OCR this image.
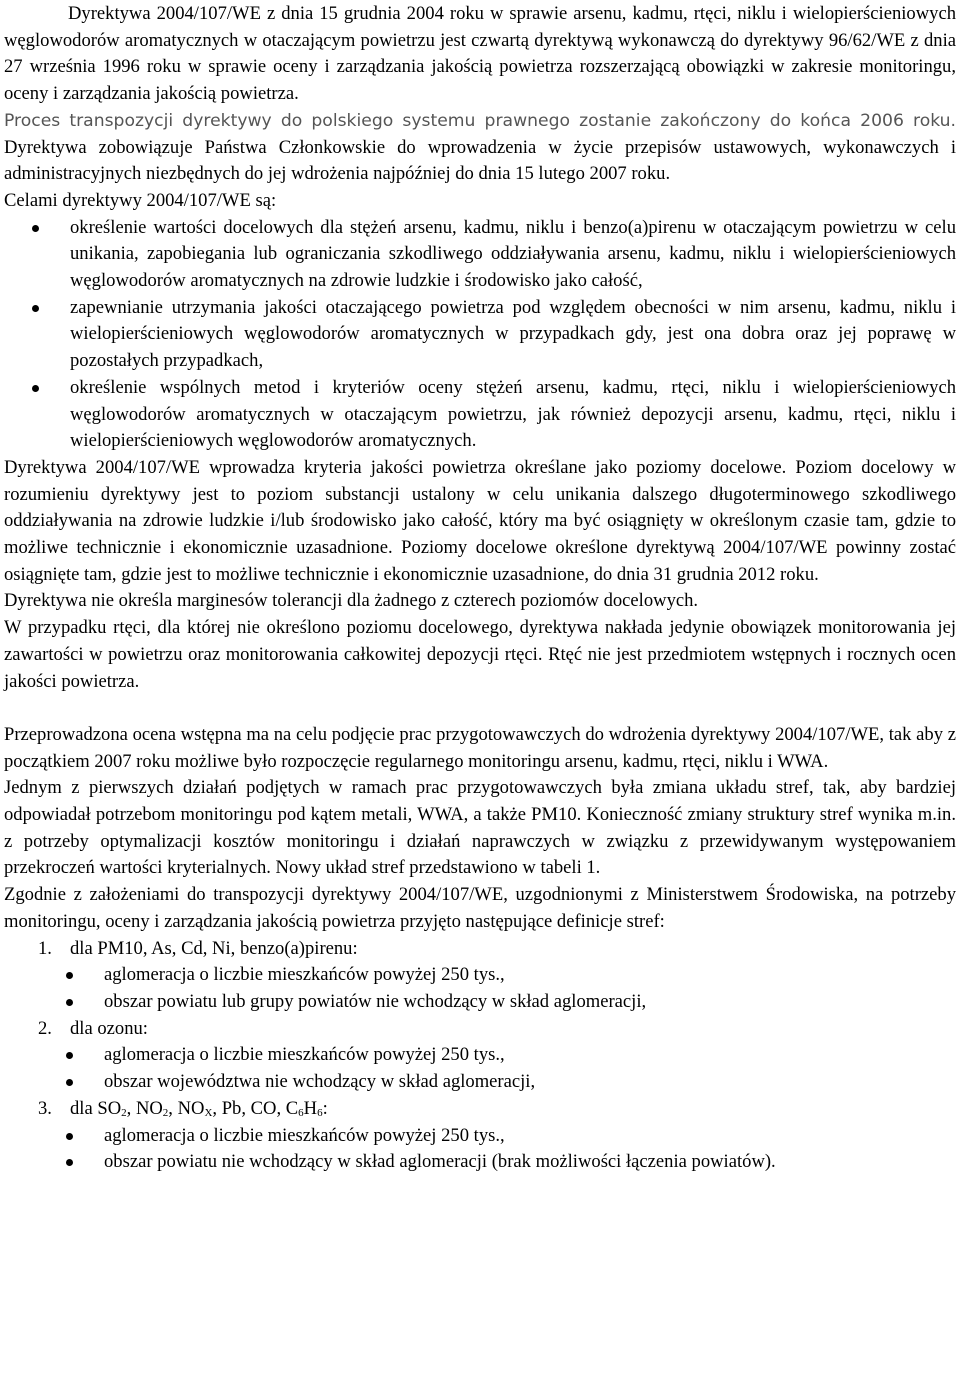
Dyrektywa 2004/107/WE z dnia 15 grudnia 2004 roku w sprawie arsenu, kadmu, rtęci, niklu i wielopierścieniowych węglowodorów aromatycznych w otaczającym powietrzu jest czwartą dyrektywą wykonawczą do dyrektywy 96/62/WE z dnia 27 września 1996 roku w sprawie oceny i zarządzania jakością powietrza rozszerzającą obowiązki w zakresie monitoringu, oceny i zarządzania jakością powietrza.

Proces transpozycji dyrektywy do polskiego systemu prawnego zostanie zakończony do końca 2006 roku. Dyrektywa zobowiązuje Państwa Członkowskie do wprowadzenia w życie przepisów ustawowych, wykonawczych i administracyjnych niezbędnych do jej wdrożenia najpóźniej do dnia 15 lutego 2007 roku.

Celami dyrektywy 2004/107/WE są:

określenie wartości docelowych dla stężeń arsenu, kadmu, niklu i benzo(a)pirenu w otaczającym powietrzu w celu unikania, zapobiegania lub ograniczania szkodliwego oddziaływania arsenu, kadmu, niklu i wielopierścieniowych węglowodorów aromatycznych na zdrowie ludzkie i środowisko jako całość,
zapewnianie utrzymania jakości otaczającego powietrza pod względem obecności w nim arsenu, kadmu, niklu i wielopierścieniowych węglowodorów aromatycznych w przypadkach gdy, jest ona dobra oraz jej poprawę w pozostałych przypadkach,
określenie wspólnych metod i kryteriów oceny stężeń arsenu, kadmu, rtęci, niklu i wielopierścieniowych węglowodorów aromatycznych w otaczającym powietrzu, jak również depozycji arsenu, kadmu, rtęci, niklu i wielopierścieniowych węglowodorów aromatycznych.

Dyrektywa 2004/107/WE wprowadza kryteria jakości powietrza określane jako poziomy docelowe. Poziom docelowy w rozumieniu dyrektywy jest to poziom substancji ustalony w celu unikania dalszego długoterminowego szkodliwego oddziaływania na zdrowie ludzkie i/lub środowisko jako całość, który ma być osiągnięty w określonym czasie tam, gdzie to możliwe technicznie i ekonomicznie uzasadnione. Poziomy docelowe określone dyrektywą 2004/107/WE powinny zostać osiągnięte tam, gdzie jest to możliwe technicznie i ekonomicznie uzasadnione, do dnia 31 grudnia 2012 roku.

Dyrektywa nie określa marginesów tolerancji dla żadnego z czterech poziomów docelowych.

W przypadku rtęci, dla której nie określono poziomu docelowego, dyrektywa nakłada jedynie obowiązek monitorowania jej zawartości w powietrzu oraz monitorowania całkowitej depozycji rtęci. Rtęć nie jest przedmiotem wstępnych i rocznych ocen jakości powietrza.

Przeprowadzona ocena wstępna ma na celu podjęcie prac przygotowawczych do wdrożenia dyrektywy 2004/107/WE, tak aby z początkiem 2007 roku możliwe było rozpoczęcie regularnego monitoringu arsenu, kadmu, rtęci, niklu i WWA.

Jednym z pierwszych działań podjętych w ramach prac przygotowawczych była zmiana układu stref, tak, aby bardziej odpowiadał potrzebom monitoringu pod kątem metali, WWA, a także PM10. Konieczność zmiany struktury stref wynika m.in. z potrzeby optymalizacji kosztów monitoringu i działań naprawczych w związku z przewidywanym występowaniem przekroczeń wartości kryterialnych. Nowy układ stref przedstawiono w tabeli 1.

Zgodnie z założeniami do transpozycji dyrektywy 2004/107/WE, uzgodnionymi z Ministerstwem Środowiska, na potrzeby monitoringu, oceny i zarządzania jakością powietrza przyjęto następujące definicje stref:

1. dla PM10, As, Cd, Ni, benzo(a)pirenu:
aglomeracja o liczbie mieszkańców powyżej 250 tys.,
obszar powiatu lub grupy powiatów nie wchodzący w skład aglomeracji,
2. dla ozonu:
aglomeracja o liczbie mieszkańców powyżej 250 tys.,
obszar województwa nie wchodzący w skład aglomeracji,
3. dla $SO_2$, $NO_2$, $NO_X$, Pb, CO, $C_6H_6$:
aglomeracja o liczbie mieszkańców powyżej 250 tys.,
obszar powiatu nie wchodzący w skład aglomeracji (brak możliwości łączenia powiatów).
